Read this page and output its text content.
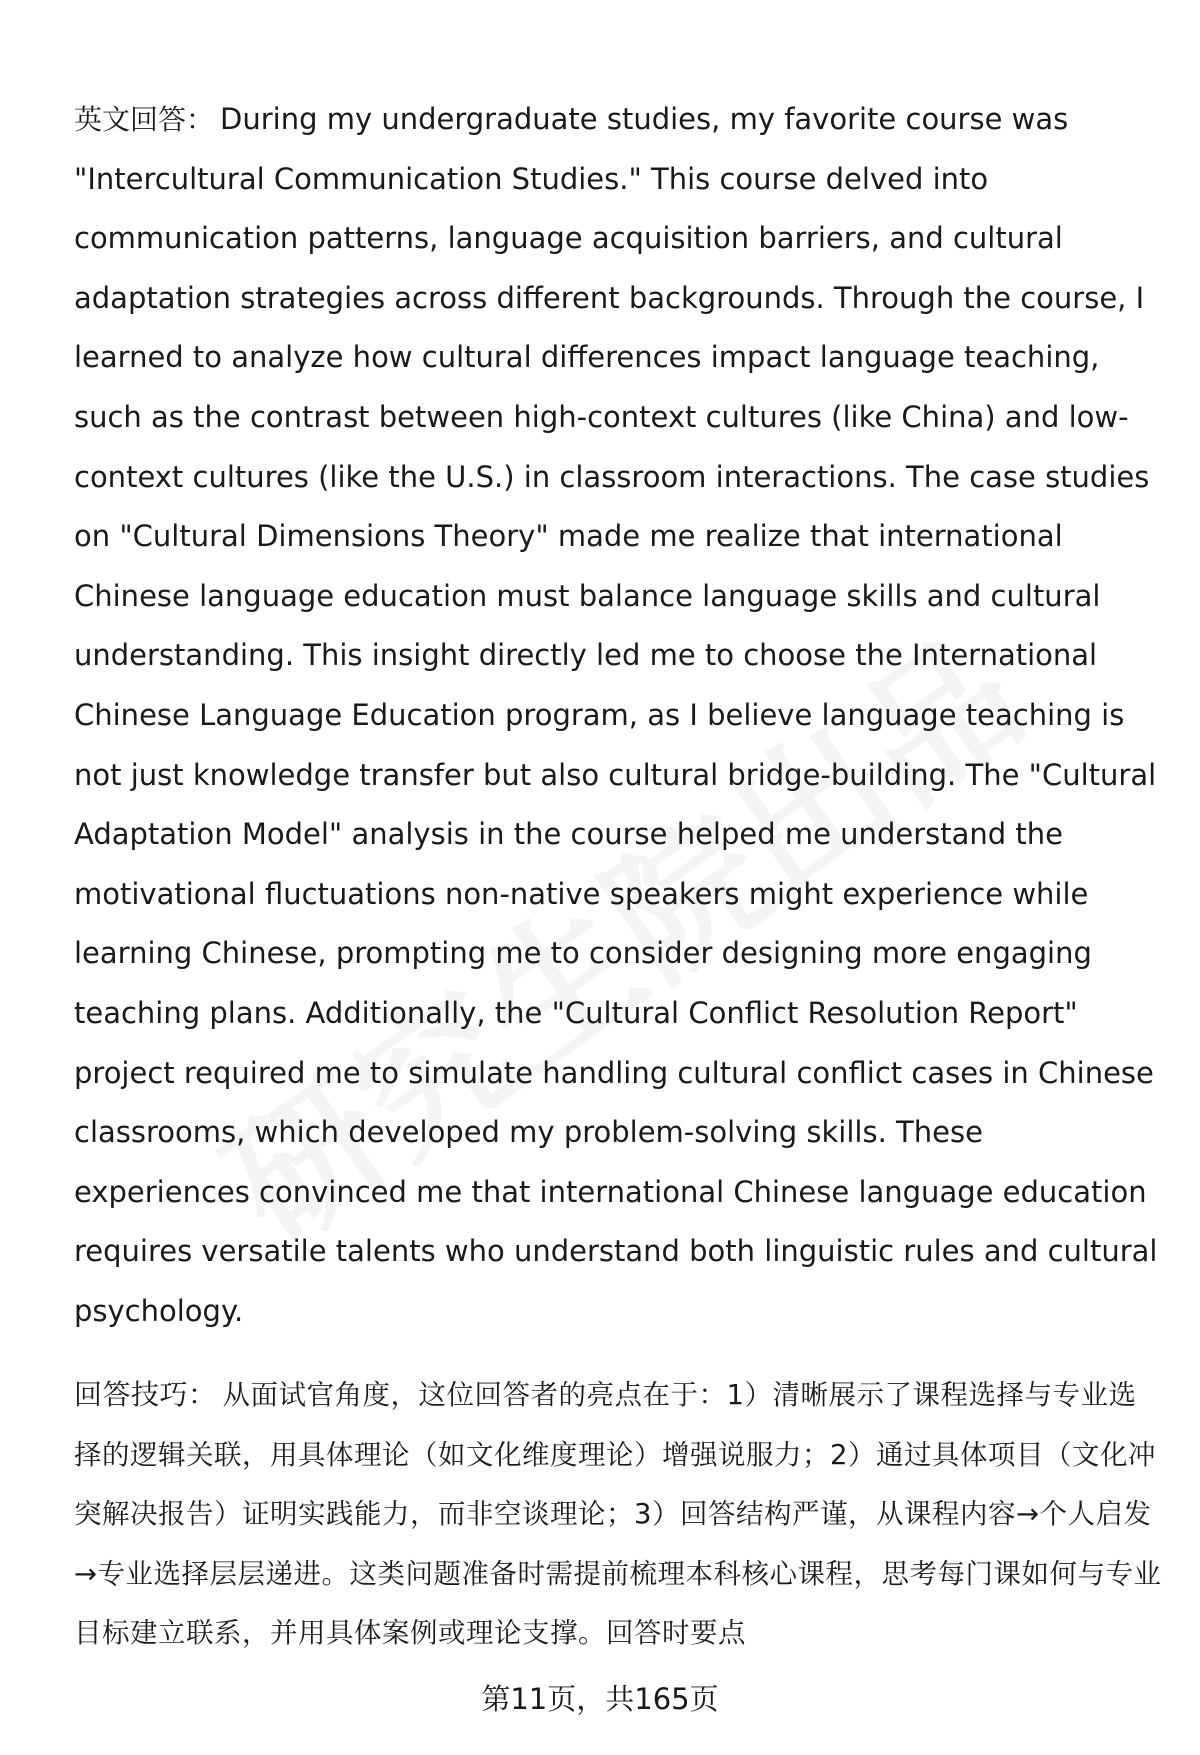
英文回答： During my undergraduate studies, my favorite course was "Intercultural Communication Studies." This course delved into communication patterns, language acquisition barriers, and cultural adaptation strategies across different backgrounds. Through the course, I learned to analyze how cultural differences impact language teaching, such as the contrast between high-context cultures (like China) and low-context cultures (like the U.S.) in classroom interactions. The case studies on "Cultural Dimensions Theory" made me realize that international Chinese language education must balance language skills and cultural understanding. This insight directly led me to choose the International Chinese Language Education program, as I believe language teaching is not just knowledge transfer but also cultural bridge-building. The "Cultural Adaptation Model" analysis in the course helped me understand the motivational fluctuations non-native speakers might experience while learning Chinese, prompting me to consider designing more engaging teaching plans. Additionally, the "Cultural Conflict Resolution Report" project required me to simulate handling cultural conflict cases in Chinese classrooms, which developed my problem-solving skills. These experiences convinced me that international Chinese language education requires versatile talents who understand both linguistic rules and cultural psychology.

回答技巧： 从面试官角度，这位回答者的亮点在于：1）清晰展示了课程选择与专业选择的逻辑关联，用具体理论（如文化维度理论）增强说服力；2）通过具体项目（文化冲突解决报告）证明实践能力，而非空谈理论；3）回答结构严谨，从课程内容→个人启发→专业选择层层递进。这类问题准备时需提前梳理本科核心课程，思考每门课如何与专业目标建立联系，并用具体案例或理论支撑。回答时要点

第11页，共165页
